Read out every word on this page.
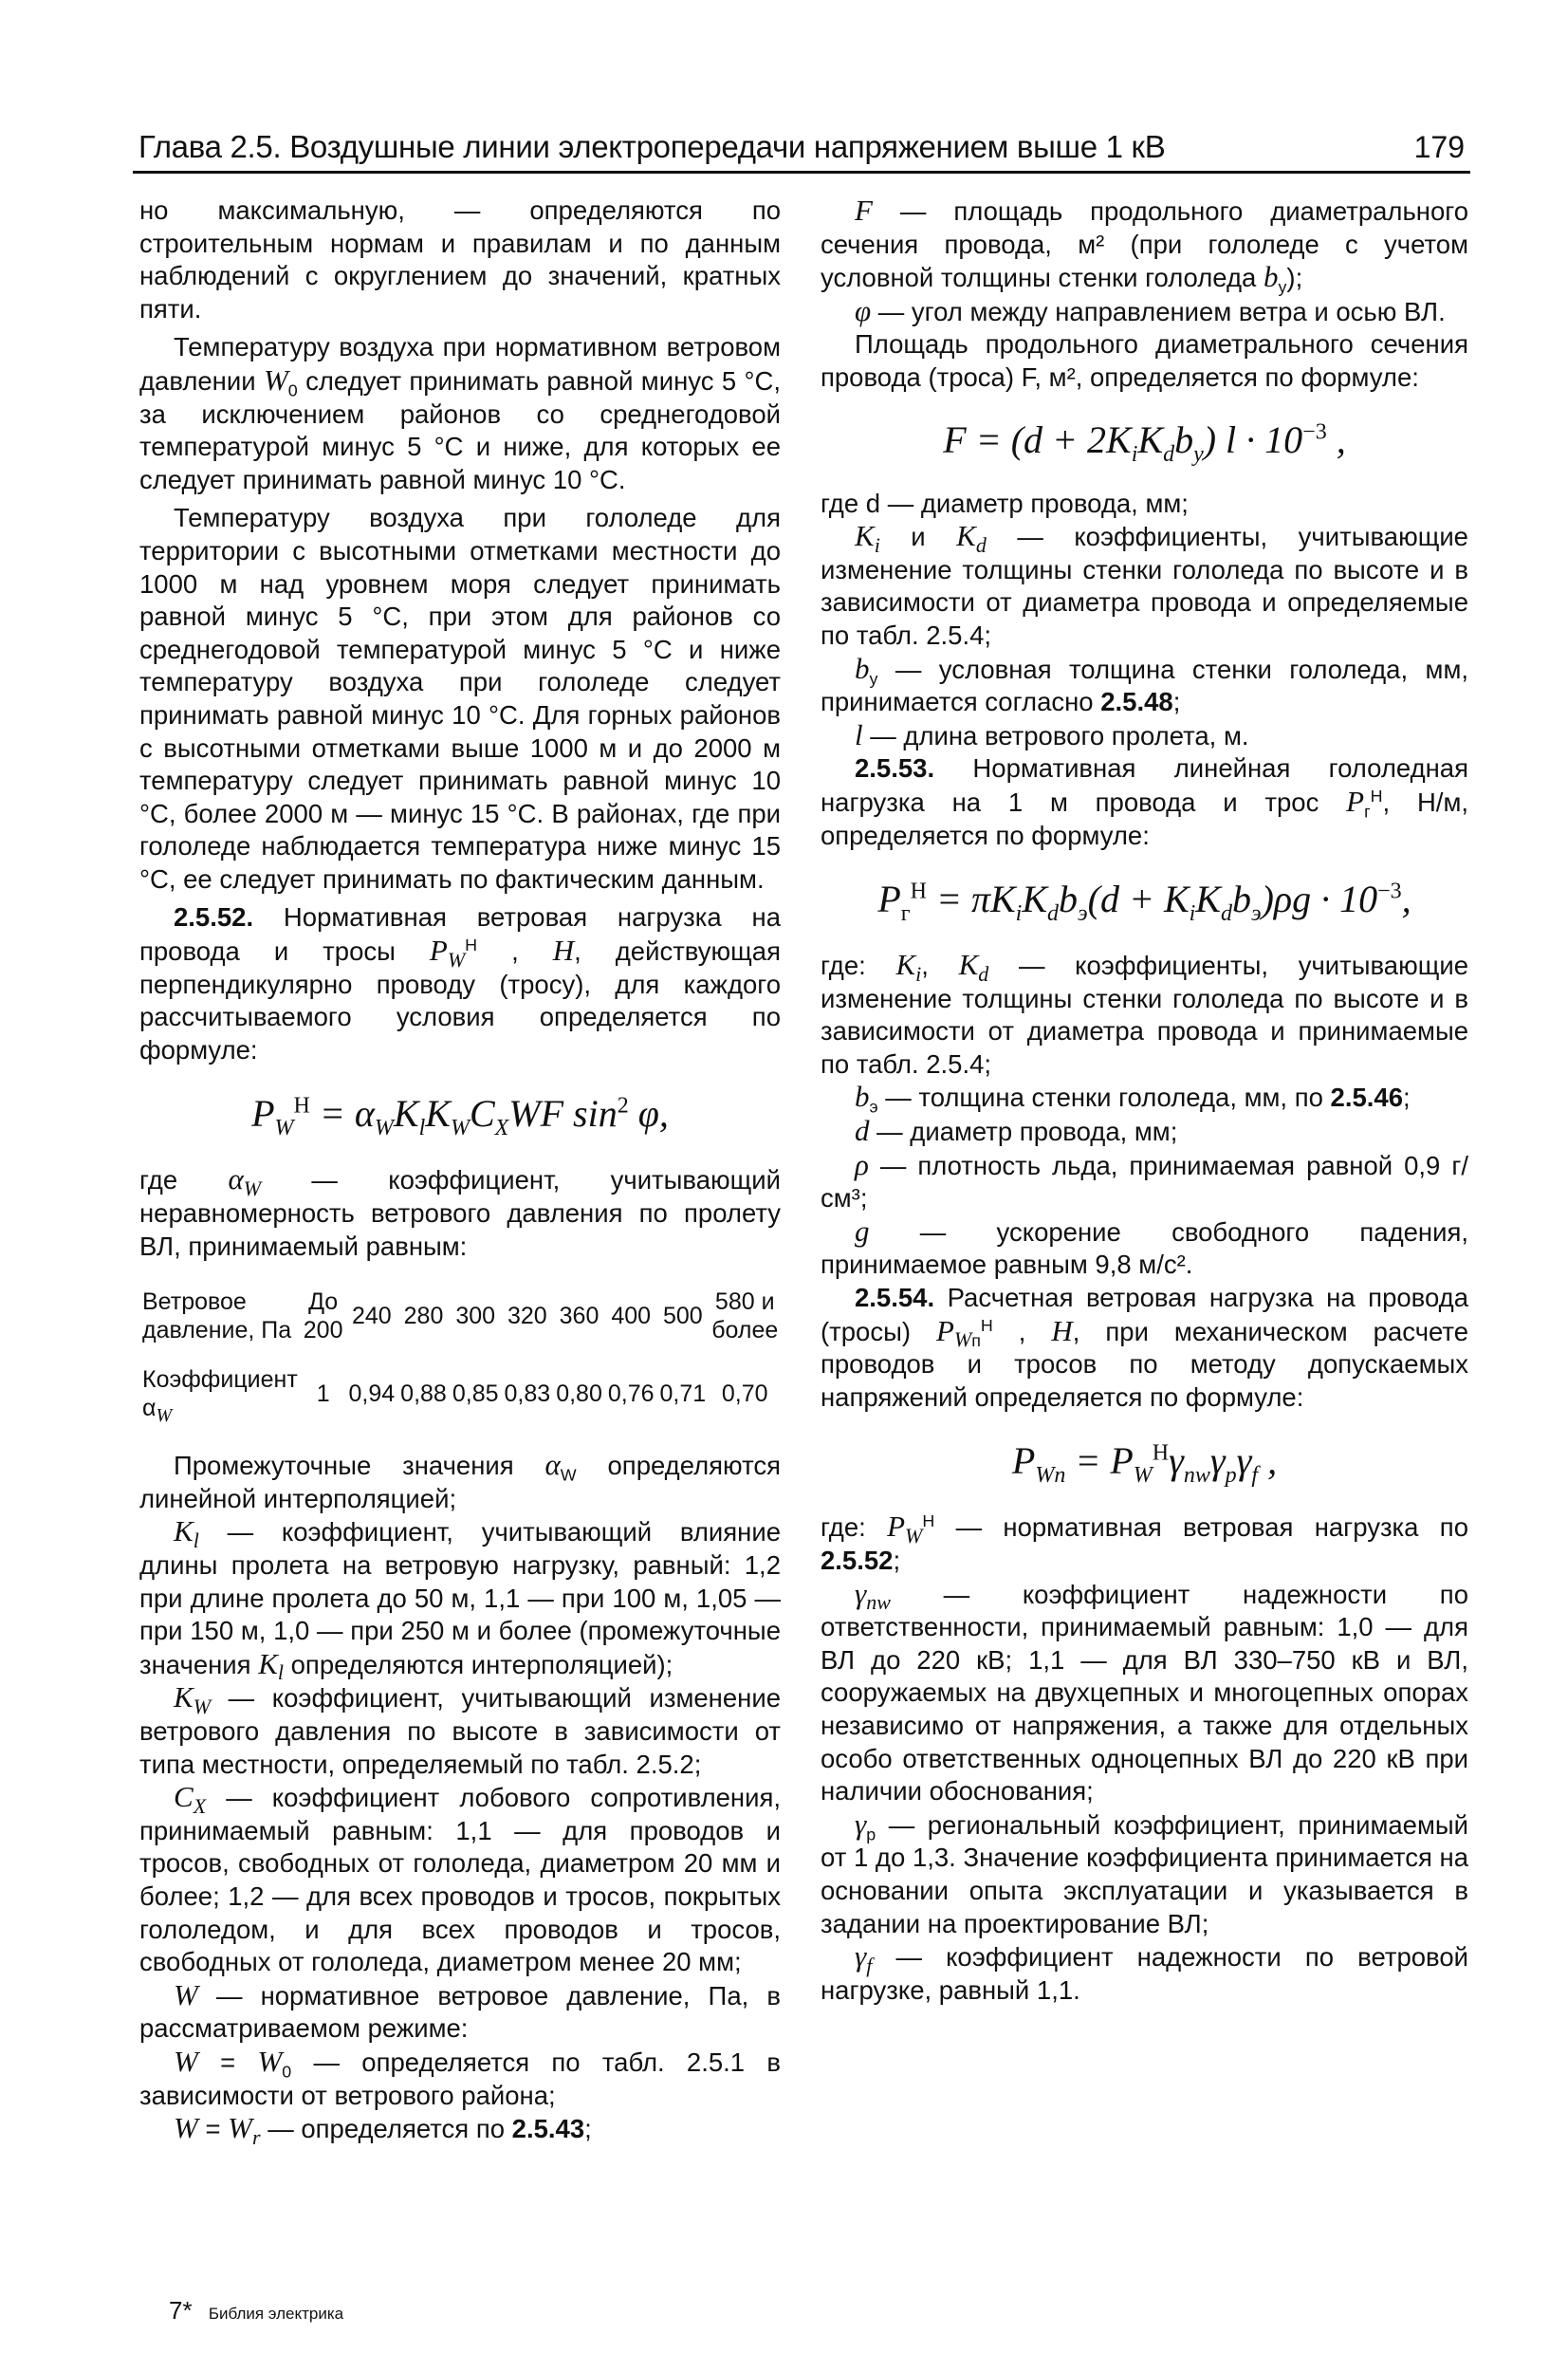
Глава 2.5. Воздушные линии электропередачи напряжением выше 1 кВ	179

но максимальную, — определяются по строительным нормам и правилам и по данным наблюдений с округлением до значений, кратных пяти.

Температуру воздуха при нормативном ветровом давлении $W_0$ следует принимать равной минус 5 °С, за исключением районов со среднегодовой температурой минус 5 °С и ниже, для которых ее следует принимать равной минус 10 °С.

Температуру воздуха при гололеде для территории с высотными отметками местности до 1000 м над уровнем моря следует принимать равной минус 5 °С, при этом для районов со среднегодовой температурой минус 5 °С и ниже температуру воздуха при гололеде следует принимать равной минус 10 °С. Для горных районов с высотными отметками выше 1000 м и до 2000 м температуру следует принимать равной минус 10 °С, более 2000 м — минус 15 °С. В районах, где при гололеде наблюдается температура ниже минус 15 °С, ее следует принимать по фактическим данным.

2.5.52. Нормативная ветровая нагрузка на провода и тросы $P_W^Н$ , H, действующая перпендикулярно проводу (тросу), для каждого рассчитываемого условия определяется по формуле:

$P_W^Н = \alpha_WK_lK_WC_XWF$ $\sin^2 \varphi$,

где $\alpha_W$ — коэффициент, учитывающий неравномерность ветрового давления по пролету ВЛ, принимаемый равным:

Ветровое давление, Па	До 200	240	280	300	320	360	400	500	580 и более

Коэффициент $\alpha_W$	1	0,94	0,88	0,85	0,83	0,80	0,76	0,71	0,70

Промежуточные значения $\alpha_W$ определяются линейной интерполяцией;

$K_l$ — коэффициент, учитывающий влияние длины пролета на ветровую нагрузку, равный: 1,2 при длине пролета до 50 м, 1,1 — при 100 м, 1,05 — при 150 м, 1,0 — при 250 м и более (промежуточные значения $K_l$ определяются интерполяцией);

$K_W$ — коэффициент, учитывающий изменение ветрового давления по высоте в зависимости от типа местности, определяемый по табл. 2.5.2;

$C_X$ — коэффициент лобового сопротивления, принимаемый равным: 1,1 — для проводов и тросов, свободных от гололеда, диаметром 20 мм и более; 1,2 — для всех проводов и тросов, покрытых гололедом, и для всех проводов и тросов, свободных от гололеда, диаметром менее 20 мм;

W — нормативное ветровое давление, Па, в рассматриваемом режиме:

$W = W_0$ — определяется по табл. 2.5.1 в зависимости от ветрового района;

$W = W_r$ — определяется по 2.5.43;

F — площадь продольного диаметрального сечения провода, м² (при гололеде с учетом условной толщины стенки гололеда $b_у$);

φ — угол между направлением ветра и осью ВЛ.

Площадь продольного диаметрального сечения провода (троса) F, м², определяется по формуле:

$F = (d + 2K_iK_db_y)$ $l \cdot 10^{-3}$ ,

где d — диаметр провода, мм;

$K_i$ и $K_d$ — коэффициенты, учитывающие изменение толщины стенки гололеда по высоте и в зависимости от диаметра провода и определяемые по табл. 2.5.4;

$b_у$ — условная толщина стенки гололеда, мм, принимается согласно 2.5.48;

l — длина ветрового пролета, м.

2.5.53. Нормативная линейная гололедная нагрузка на 1 м провода и трос $P_г^Н$, Н/м, определяется по формуле:

$P_г^Н = \pi K_iK_db_э(d + K_iK_db_э)\rho g \cdot 10^{-3}$,

где: $K_i$, $K_d$ — коэффициенты, учитывающие изменение толщины стенки гололеда по высоте и в зависимости от диаметра провода и принимаемые по табл. 2.5.4;

$b_э$ — толщина стенки гололеда, мм, по 2.5.46;

d — диаметр провода, мм;

ρ — плотность льда, принимаемая равной 0,9 г/см³;

g — ускорение свободного падения, принимаемое равным 9,8 м/с².

2.5.54. Расчетная ветровая нагрузка на провода (тросы) $P_{Wп}^Н$ , H, при механическом расчете проводов и тросов по методу допускаемых напряжений определяется по формуле:

$P_{Wп} = P_W^Н\gamma_{nw}\gamma_р\gamma_f$ ,

где: $P_W^Н$ — нормативная ветровая нагрузка по 2.5.52;

$\gamma_{nw}$ — коэффициент надежности по ответственности, принимаемый равным: 1,0 — для ВЛ до 220 кВ; 1,1 — для ВЛ 330–750 кВ и ВЛ, сооружаемых на двухцепных и многоцепных опорах независимо от напряжения, а также для отдельных особо ответственных одноцепных ВЛ до 220 кВ при наличии обоснования;

$\gamma_р$ — региональный коэффициент, принимаемый от 1 до 1,3. Значение коэффициента принимается на основании опыта эксплуатации и указывается в задании на проектирование ВЛ;

$\gamma_f$ — коэффициент надежности по ветровой нагрузке, равный 1,1.

7* Библия электрика
